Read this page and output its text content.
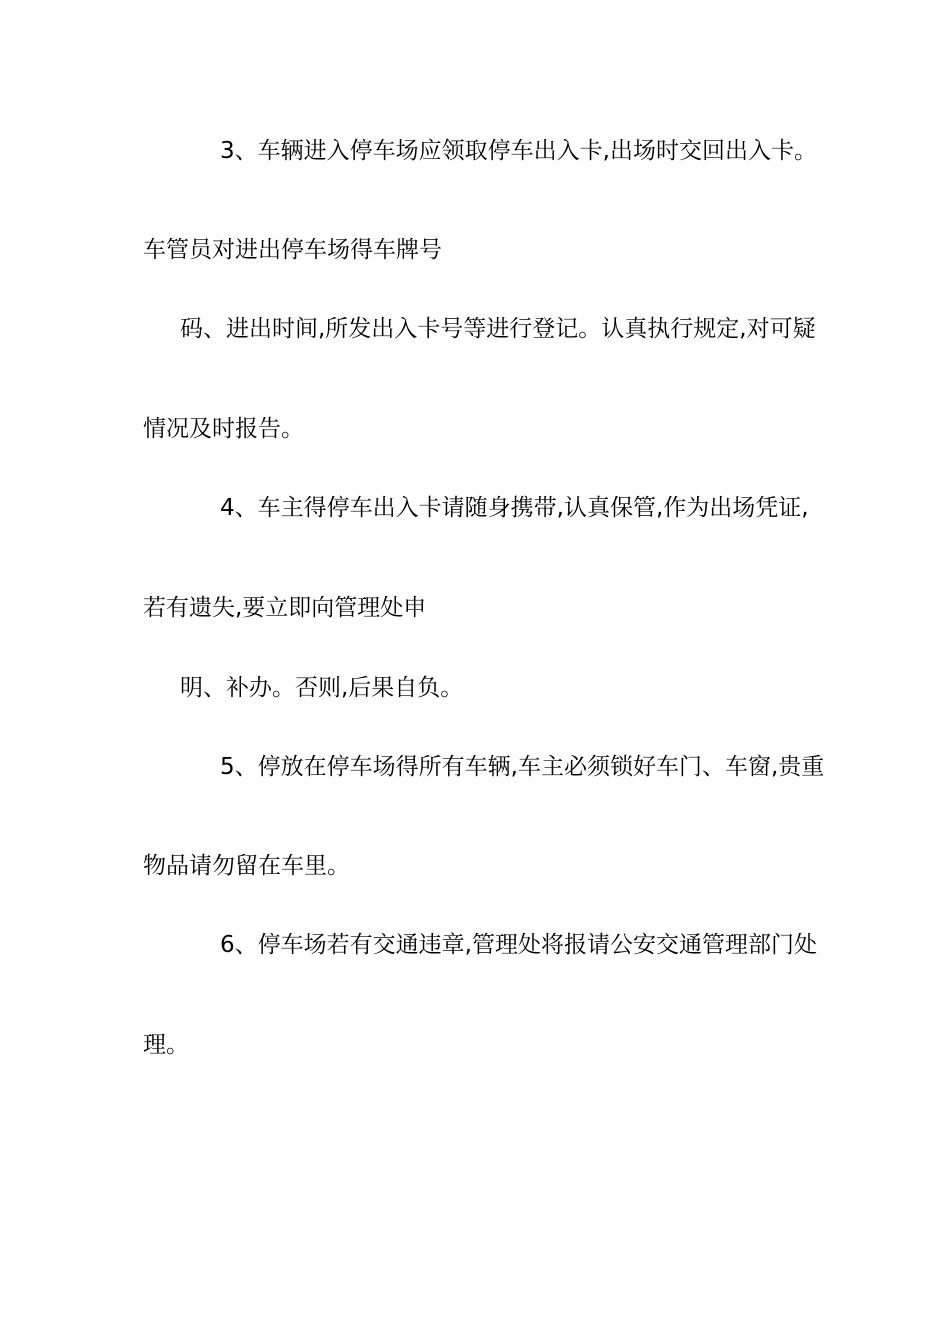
3、车辆进入停车场应领取停车出入卡,出场时交回出入卡。
车管员对进出停车场得车牌号
码、进出时间,所发出入卡号等进行登记。认真执行规定,对可疑
情况及时报告。
4、车主得停车出入卡请随身携带,认真保管,作为出场凭证,
若有遗失,要立即向管理处申
明、补办。否则,后果自负。
5、停放在停车场得所有车辆,车主必须锁好车门、车窗,贵重
物品请勿留在车里。
6、停车场若有交通违章,管理处将报请公安交通管理部门处
理。
